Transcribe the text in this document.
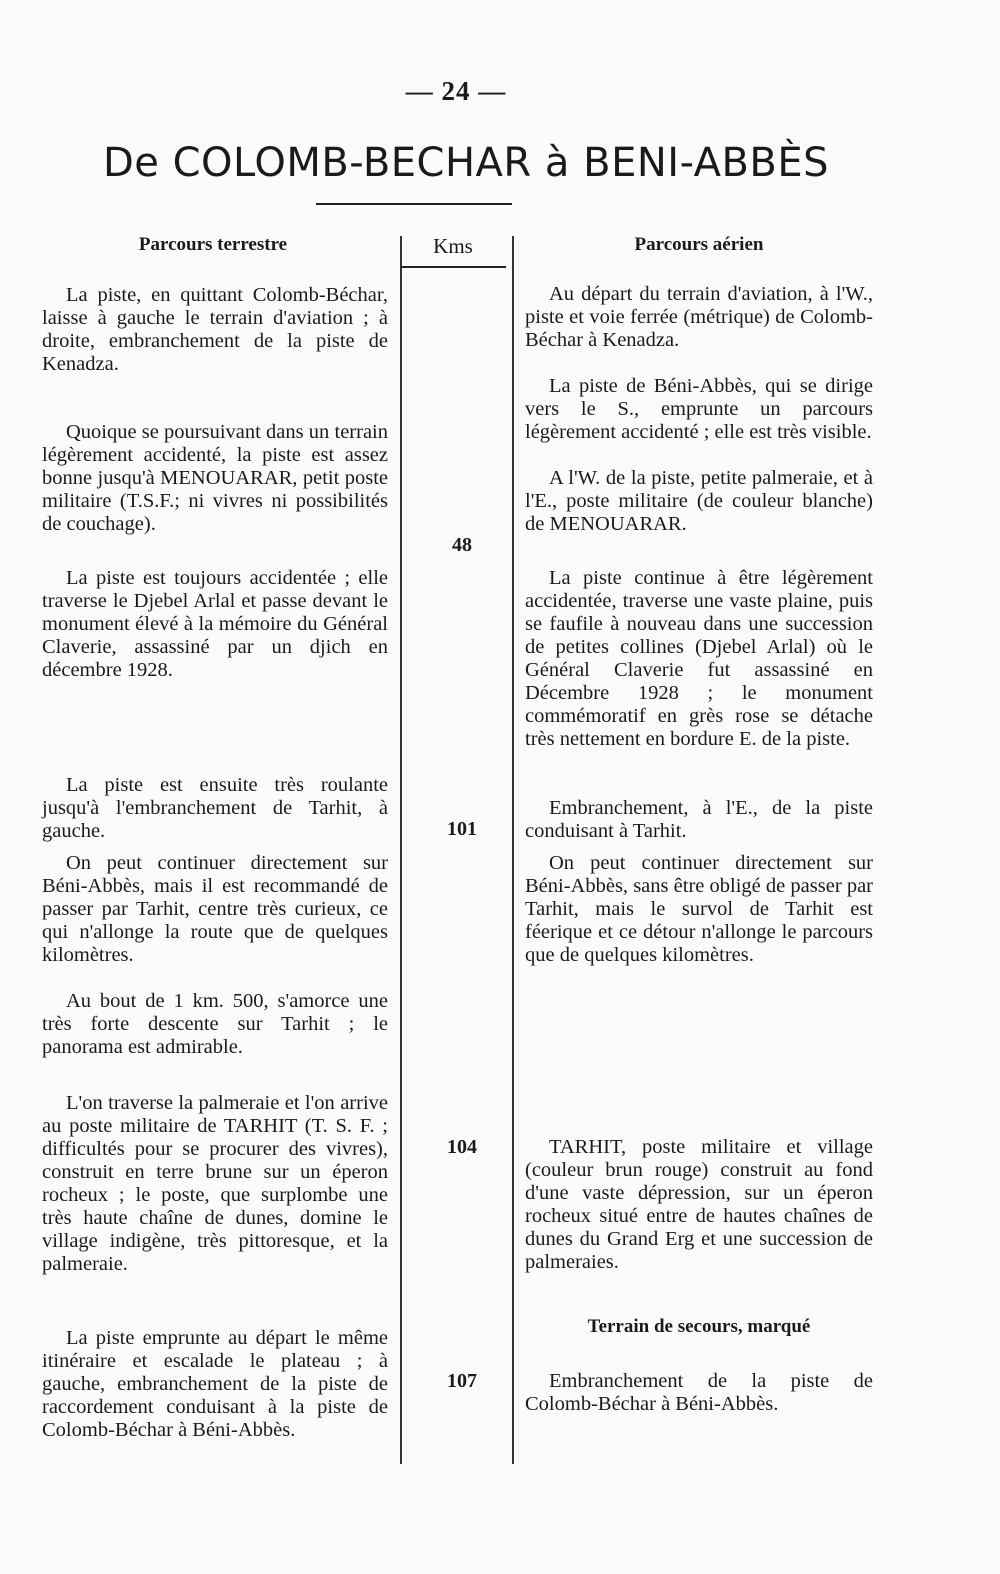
— 24 —
De COLOMB-BECHAR à BENI-ABBÈS
Parcours terrestre	Kms	Parcours aérien

La piste, en quittant Colomb-Béchar, laisse à gauche le terrain d'aviation ; à droite, embranchement de la piste de Kenadza.

Quoique se poursuivant dans un terrain légèrement accidenté, la piste est assez bonne jusqu'à MENOUARAR, petit poste militaire (T.S.F.; ni vivres ni possibilités de couchage).

La piste est toujours accidentée ; elle traverse le Djebel Arlal et passe devant le monument élevé à la mémoire du Général Claverie, assassiné par un djich en décembre 1928.

La piste est ensuite très roulante jusqu'à l'embranchement de Tarhit, à gauche.

On peut continuer directement sur Béni-Abbès, mais il est recommandé de passer par Tarhit, centre très curieux, ce qui n'allonge la route que de quelques kilomètres.

Au bout de 1 km. 500, s'amorce une très forte descente sur Tarhit ; le panorama est admirable.

L'on traverse la palmeraie et l'on arrive au poste militaire de TARHIT (T. S. F. ; difficultés pour se procurer des vivres), construit en terre brune sur un éperon rocheux ; le poste, que surplombe une très haute chaîne de dunes, domine le village indigène, très pittoresque, et la palmeraie.

La piste emprunte au départ le même itinéraire et escalade le plateau ; à gauche, embranchement de la piste de raccordement conduisant à la piste de Colomb-Béchar à Béni-Abbès.

48
101
104
107

Au départ du terrain d'aviation, à l'W., piste et voie ferrée (métrique) de Colomb-Béchar à Kenadza.

La piste de Béni-Abbès, qui se dirige vers le S., emprunte un parcours légèrement accidenté ; elle est très visible.

A l'W. de la piste, petite palmeraie, et à l'E., poste militaire (de couleur blanche) de MENOUARAR.

La piste continue à être légèrement accidentée, traverse une vaste plaine, puis se faufile à nouveau dans une succession de petites collines (Djebel Arlal) où le Général Claverie fut assassiné en Décembre 1928 ; le monument commémoratif en grès rose se détache très nettement en bordure E. de la piste.

Embranchement, à l'E., de la piste conduisant à Tarhit.

On peut continuer directement sur Béni-Abbès, sans être obligé de passer par Tarhit, mais le survol de Tarhit est féerique et ce détour n'allonge le parcours que de quelques kilomètres.

TARHIT, poste militaire et village (couleur brun rouge) construit au fond d'une vaste dépression, sur un éperon rocheux situé entre de hautes chaînes de dunes du Grand Erg et une succession de palmeraies.

Terrain de secours, marqué

Embranchement de la piste de Colomb-Béchar à Béni-Abbès.
